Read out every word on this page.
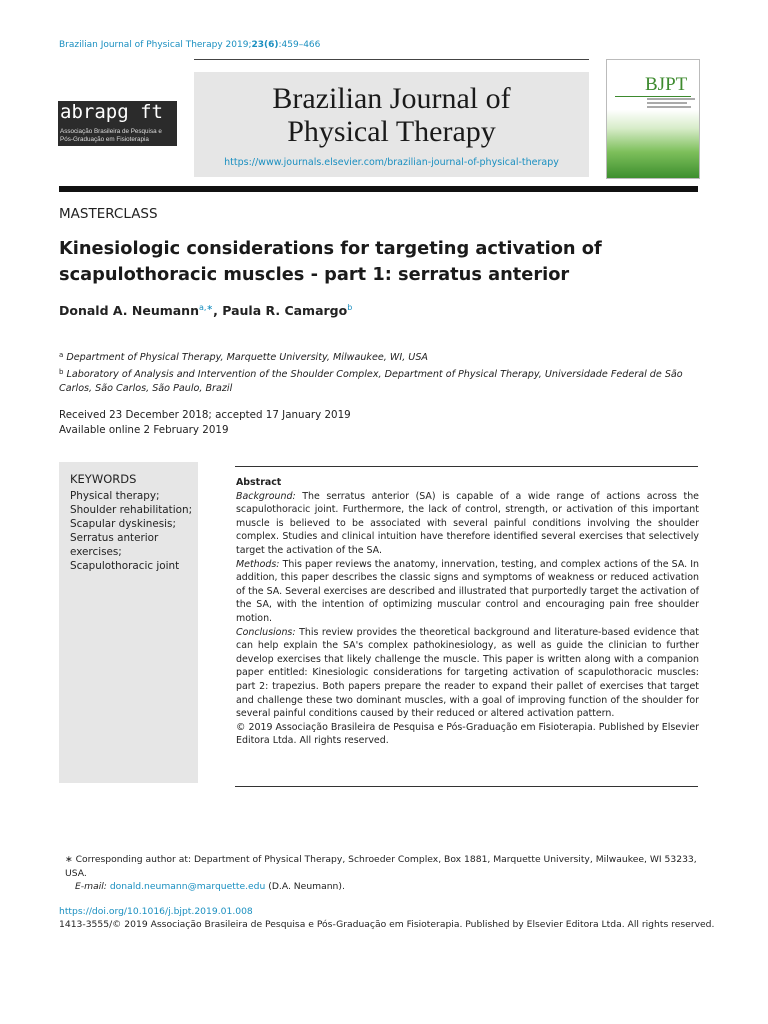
Brazilian Journal of Physical Therapy 2019;23(6):459–466
abrapg ft
Associação Brasileira de Pesquisa e
Pós-Graduação em Fisioterapia
Brazilian Journal of
Physical Therapy
https://www.journals.elsevier.com/brazilian-journal-of-physical-therapy
BJPT
MASTERCLASS
Kinesiologic considerations for targeting activation of scapulothoracic muscles - part 1: serratus anterior
Donald A. Neumann$^{a,∗}$, Paula R. Camargo$^b$
$^a$ Department of Physical Therapy, Marquette University, Milwaukee, WI, USA
$^b$ Laboratory of Analysis and Intervention of the Shoulder Complex, Department of Physical Therapy, Universidade Federal de São Carlos, São Carlos, São Paulo, Brazil
Received 23 December 2018; accepted 17 January 2019
Available online 2 February 2019
KEYWORDS
Physical therapy;
Shoulder rehabilitation;
Scapular dyskinesis;
Serratus anterior exercises;
Scapulothoracic joint
Abstract

Background: The serratus anterior (SA) is capable of a wide range of actions across the scapulothoracic joint. Furthermore, the lack of control, strength, or activation of this important muscle is believed to be associated with several painful conditions involving the shoulder complex. Studies and clinical intuition have therefore identified several exercises that selectively target the activation of the SA.

Methods: This paper reviews the anatomy, innervation, testing, and complex actions of the SA. In addition, this paper describes the classic signs and symptoms of weakness or reduced activation of the SA. Several exercises are described and illustrated that purportedly target the activation of the SA, with the intention of optimizing muscular control and encouraging pain free shoulder motion.

Conclusions: This review provides the theoretical background and literature-based evidence that can help explain the SA's complex pathokinesiology, as well as guide the clinician to further develop exercises that likely challenge the muscle. This paper is written along with a companion paper entitled: Kinesiologic considerations for targeting activation of scapulothoracic muscles: part 2: trapezius. Both papers prepare the reader to expand their pallet of exercises that target and challenge these two dominant muscles, with a goal of improving function of the shoulder for several painful conditions caused by their reduced or altered activation pattern.

© 2019 Associação Brasileira de Pesquisa e Pós-Graduação em Fisioterapia. Published by Elsevier Editora Ltda. All rights reserved.

∗ Corresponding author at: Department of Physical Therapy, Schroeder Complex, Box 1881, Marquette University, Milwaukee, WI 53233, USA.
E-mail: donald.neumann@marquette.edu (D.A. Neumann).
https://doi.org/10.1016/j.bjpt.2019.01.008
1413-3555/© 2019 Associação Brasileira de Pesquisa e Pós-Graduação em Fisioterapia. Published by Elsevier Editora Ltda. All rights reserved.
